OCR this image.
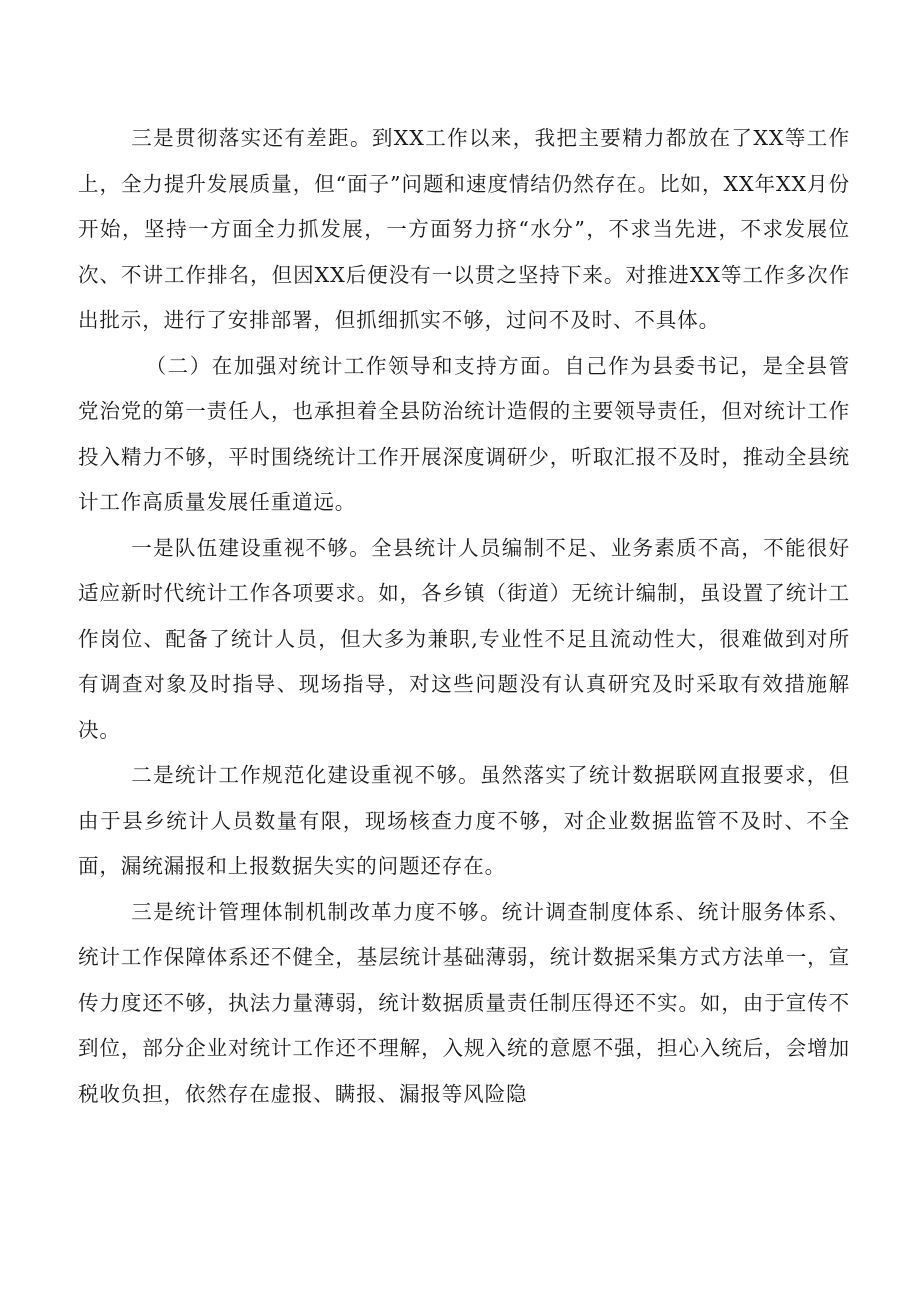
三是贯彻落实还有差距。到XX工作以来，我把主要精力都放在了XX等工作上，全力提升发展质量，但“面子”问题和速度情结仍然存在。比如，XX年XX月份开始，坚持一方面全力抓发展，一方面努力挤“水分”，不求当先进，不求发展位次、不讲工作排名，但因XX后便没有一以贯之坚持下来。对推进XX等工作多次作出批示，进行了安排部署，但抓细抓实不够，过问不及时、不具体。

（二）在加强对统计工作领导和支持方面。自己作为县委书记，是全县管党治党的第一责任人，也承担着全县防治统计造假的主要领导责任，但对统计工作投入精力不够，平时围绕统计工作开展深度调研少，听取汇报不及时，推动全县统计工作高质量发展任重道远。

一是队伍建设重视不够。全县统计人员编制不足、业务素质不高，不能很好适应新时代统计工作各项要求。如，各乡镇（街道）无统计编制，虽设置了统计工作岗位、配备了统计人员，但大多为兼职,专业性不足且流动性大，很难做到对所有调查对象及时指导、现场指导，对这些问题没有认真研究及时采取有效措施解决。

二是统计工作规范化建设重视不够。虽然落实了统计数据联网直报要求，但由于县乡统计人员数量有限，现场核查力度不够，对企业数据监管不及时、不全面，漏统漏报和上报数据失实的问题还存在。

三是统计管理体制机制改革力度不够。统计调查制度体系、统计服务体系、统计工作保障体系还不健全，基层统计基础薄弱，统计数据采集方式方法单一，宣传力度还不够，执法力量薄弱，统计数据质量责任制压得还不实。如，由于宣传不到位，部分企业对统计工作还不理解，入规入统的意愿不强，担心入统后，会增加税收负担，依然存在虚报、瞒报、漏报等风险隐
